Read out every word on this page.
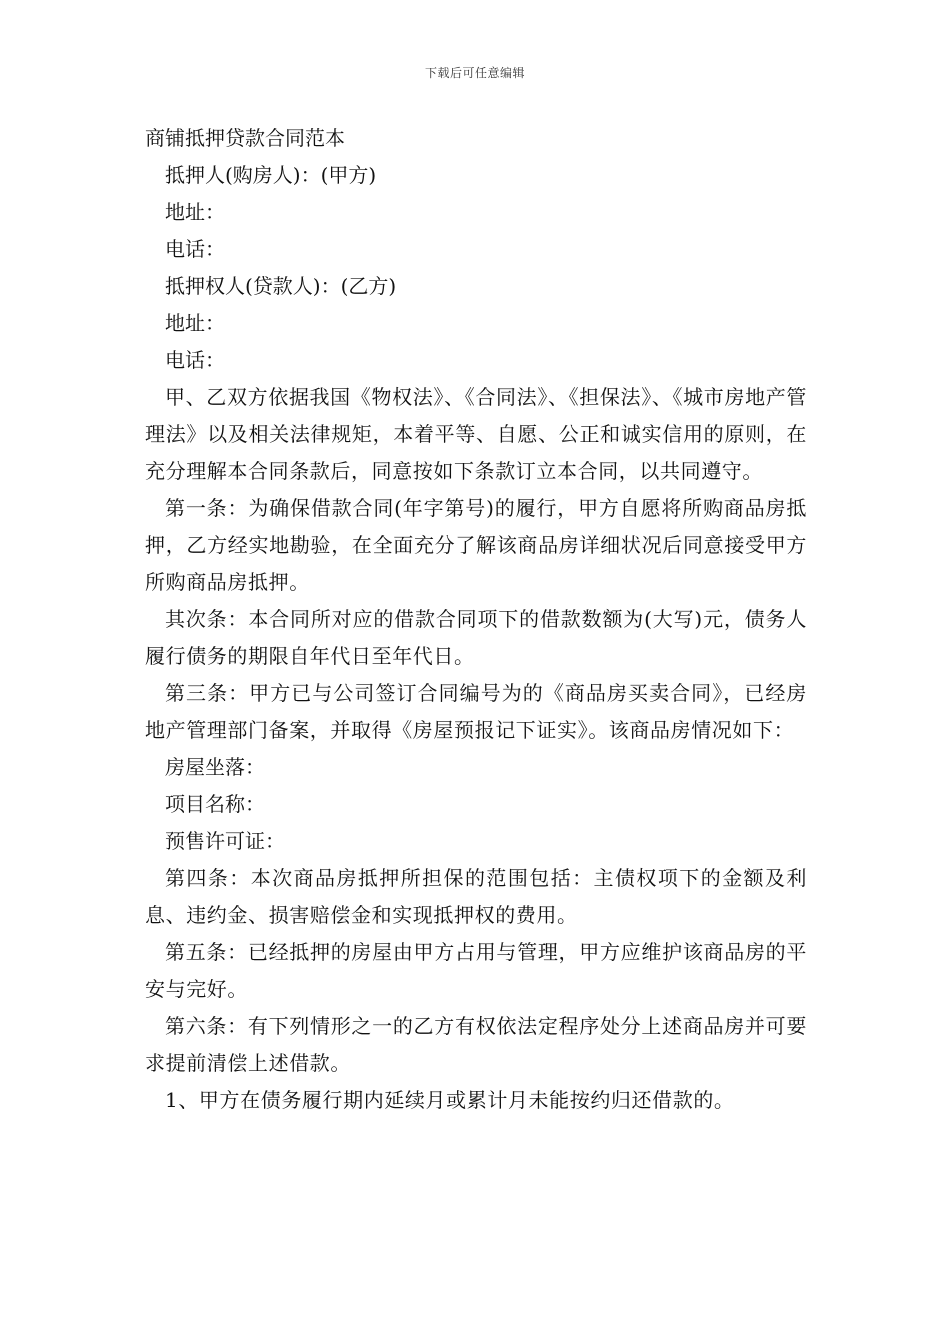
下载后可任意编辑
商铺抵押贷款合同范本

抵押人(购房人)：(甲方)

地址：

电话：

抵押权人(贷款人)：(乙方)

地址：

电话：

甲、乙双方依据我国《物权法》、《合同法》、《担保法》、《城市房地产管理法》以及相关法律规矩，本着平等、自愿、公正和诚实信用的原则，在充分理解本合同条款后，同意按如下条款订立本合同，以共同遵守。

第一条：为确保借款合同(年字第号)的履行，甲方自愿将所购商品房抵押，乙方经实地勘验，在全面充分了解该商品房详细状况后同意接受甲方所购商品房抵押。

其次条：本合同所对应的借款合同项下的借款数额为(大写)元，债务人履行债务的期限自年代日至年代日。

第三条：甲方已与公司签订合同编号为的《商品房买卖合同》，已经房地产管理部门备案，并取得《房屋预报记下证实》。该商品房情况如下：

房屋坐落：

项目名称：

预售许可证：

第四条：本次商品房抵押所担保的范围包括：主债权项下的金额及利息、违约金、损害赔偿金和实现抵押权的费用。

第五条：已经抵押的房屋由甲方占用与管理，甲方应维护该商品房的平安与完好。

第六条：有下列情形之一的乙方有权依法定程序处分上述商品房并可要求提前清偿上述借款。

1、甲方在债务履行期内延续月或累计月未能按约归还借款的。
